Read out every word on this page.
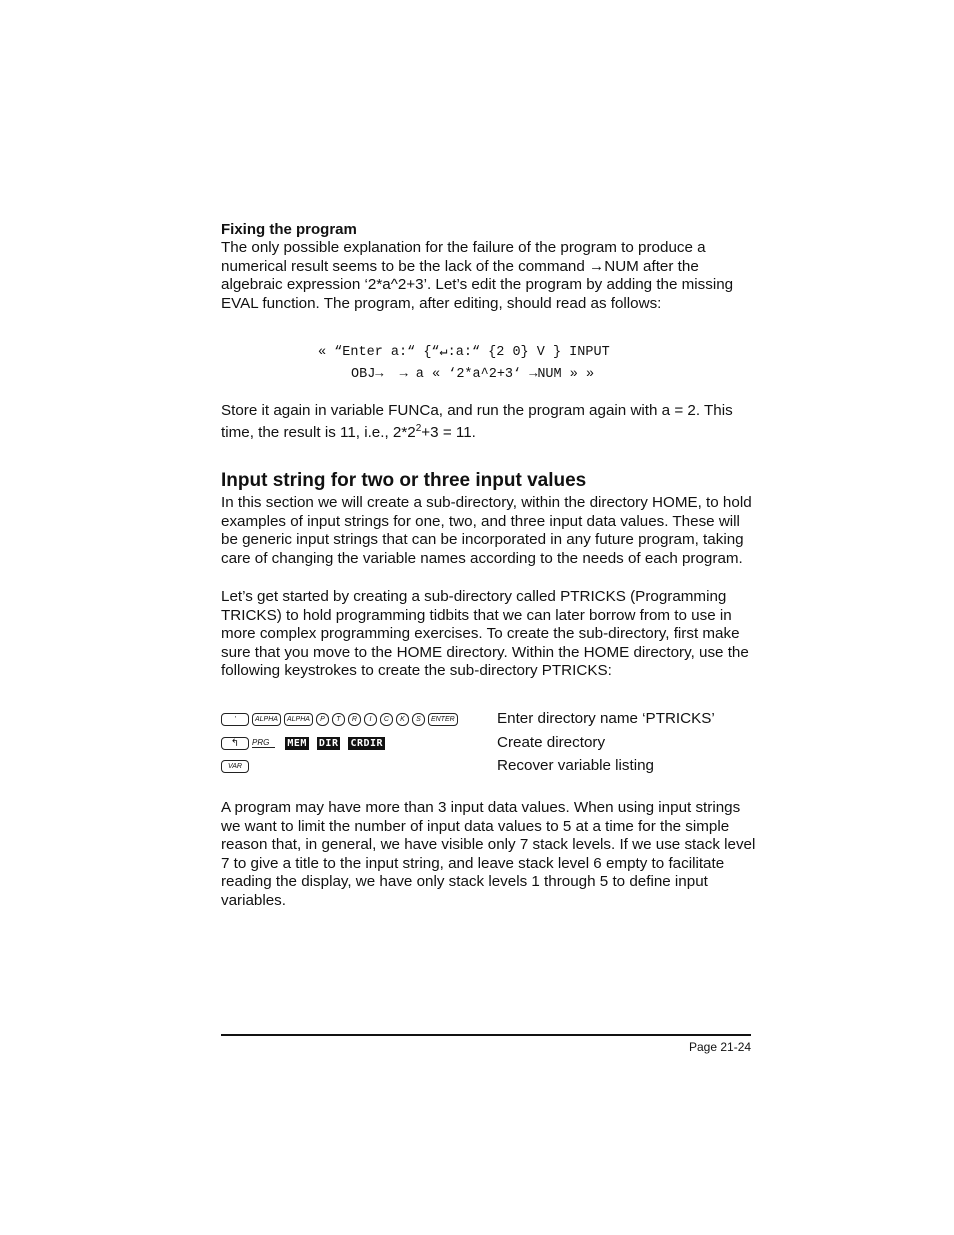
Fixing the program
The only possible explanation for the failure of the program to produce a
numerical result seems to be the lack of the command →NUM after the
algebraic expression ‘2*a^2+3’. Let’s edit the program by adding the missing
EVAL function. The program, after editing, should read as follows:
« “Enter a:“ {“↵:a:“ {2 0} V } INPUT
OBJ→  → a « ‘2*a^2+3‘ →NUM » »
Store it again in variable FUNCa, and run the program again with a = 2. This
time, the result is 11, i.e., $2*2^2+3 = 11$.
Input string for two or three input values
In this section we will create a sub-directory, within the directory HOME, to hold
examples of input strings for one, two, and three input data values. These will
be generic input strings that can be incorporated in any future program, taking
care of changing the variable names according to the needs of each program.
Let’s get started by creating a sub-directory called PTRICKS (Programming
TRICKS) to hold programming tidbits that we can later borrow from to use in
more complex programming exercises. To create the sub-directory, first make
sure that you move to the HOME directory. Within the HOME directory, use the
following keystrokes to create the sub-directory PTRICKS:
'	ALPHA	ALPHA	P	T	R	I	C	K	S	ENTER	Enter directory name ‘PTRICKS’
↰	PRG	MEM DIR CRDIR	Create directory
VAR	Recover variable listing
A program may have more than 3 input data values. When using input strings
we want to limit the number of input data values to 5 at a time for the simple
reason that, in general, we have visible only 7 stack levels. If we use stack level
7 to give a title to the input string, and leave stack level 6 empty to facilitate
reading the display, we have only stack levels 1 through 5 to define input
variables.
Page 21-24
